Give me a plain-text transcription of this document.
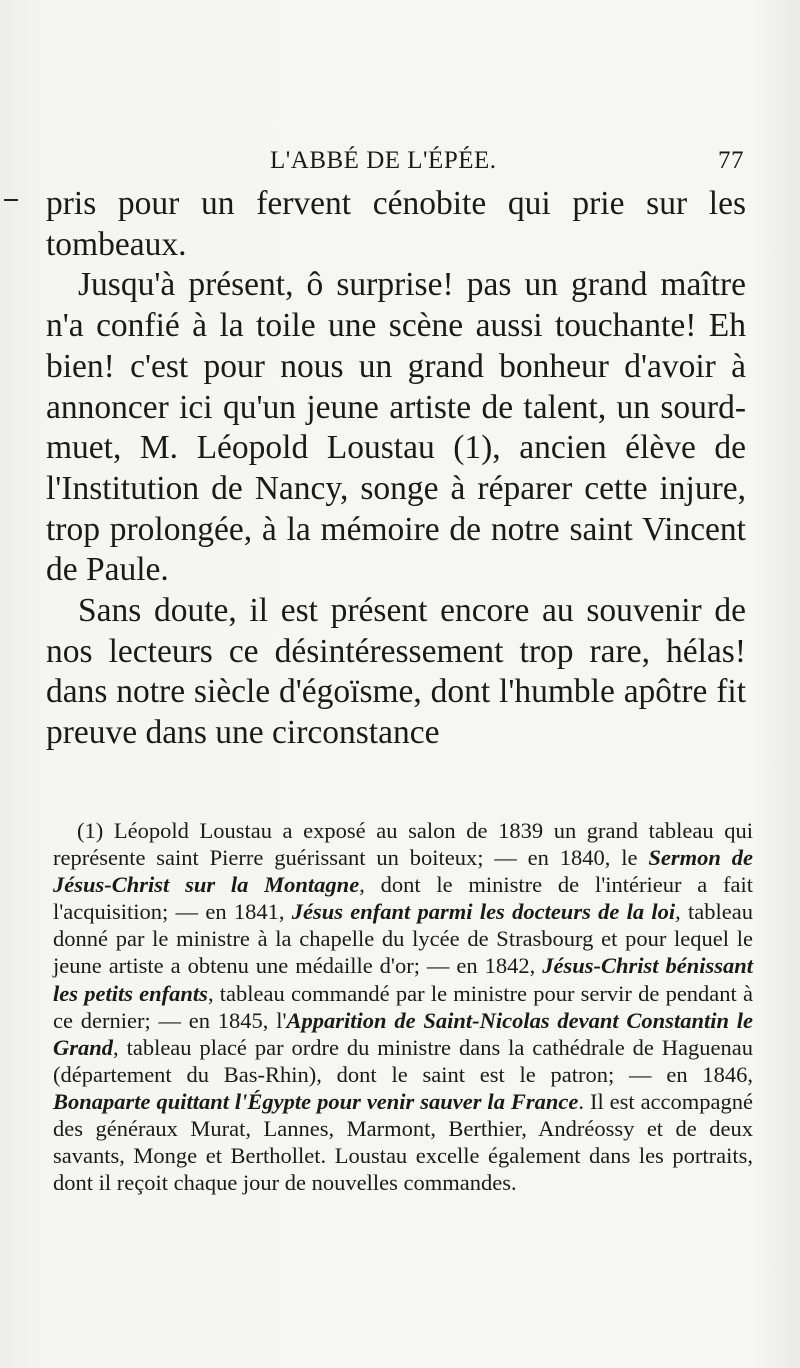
L'ABBÉ DE L'ÉPÉE.	77

pris pour un fervent cénobite qui prie sur les tombeaux.

Jusqu'à présent, ô surprise! pas un grand maître n'a confié à la toile une scène aussi touchante! Eh bien! c'est pour nous un grand bonheur d'avoir à annoncer ici qu'un jeune artiste de talent, un sourd-muet, M. Léopold Loustau (1), ancien élève de l'Institution de Nancy, songe à réparer cette injure, trop prolongée, à la mémoire de notre saint Vincent de Paule.

Sans doute, il est présent encore au souvenir de nos lecteurs ce désintéressement trop rare, hélas! dans notre siècle d'égoïsme, dont l'humble apôtre fit preuve dans une circonstance

(1) Léopold Loustau a exposé au salon de 1839 un grand tableau qui représente saint Pierre guérissant un boiteux; — en 1840, le Sermon de Jésus-Christ sur la Montagne, dont le ministre de l'intérieur a fait l'acquisition; — en 1841, Jésus enfant parmi les docteurs de la loi, tableau donné par le ministre à la chapelle du lycée de Strasbourg et pour lequel le jeune artiste a obtenu une médaille d'or; — en 1842, Jésus-Christ bénissant les petits enfants, tableau commandé par le ministre pour servir de pendant à ce dernier; — en 1845, l'Apparition de Saint-Nicolas devant Constantin le Grand, tableau placé par ordre du ministre dans la cathédrale de Haguenau (département du Bas-Rhin), dont le saint est le patron; — en 1846, Bonaparte quittant l'Égypte pour venir sauver la France. Il est accompagné des généraux Murat, Lannes, Marmont, Berthier, Andréossy et de deux savants, Monge et Berthollet. Loustau excelle également dans les portraits, dont il reçoit chaque jour de nouvelles commandes.
